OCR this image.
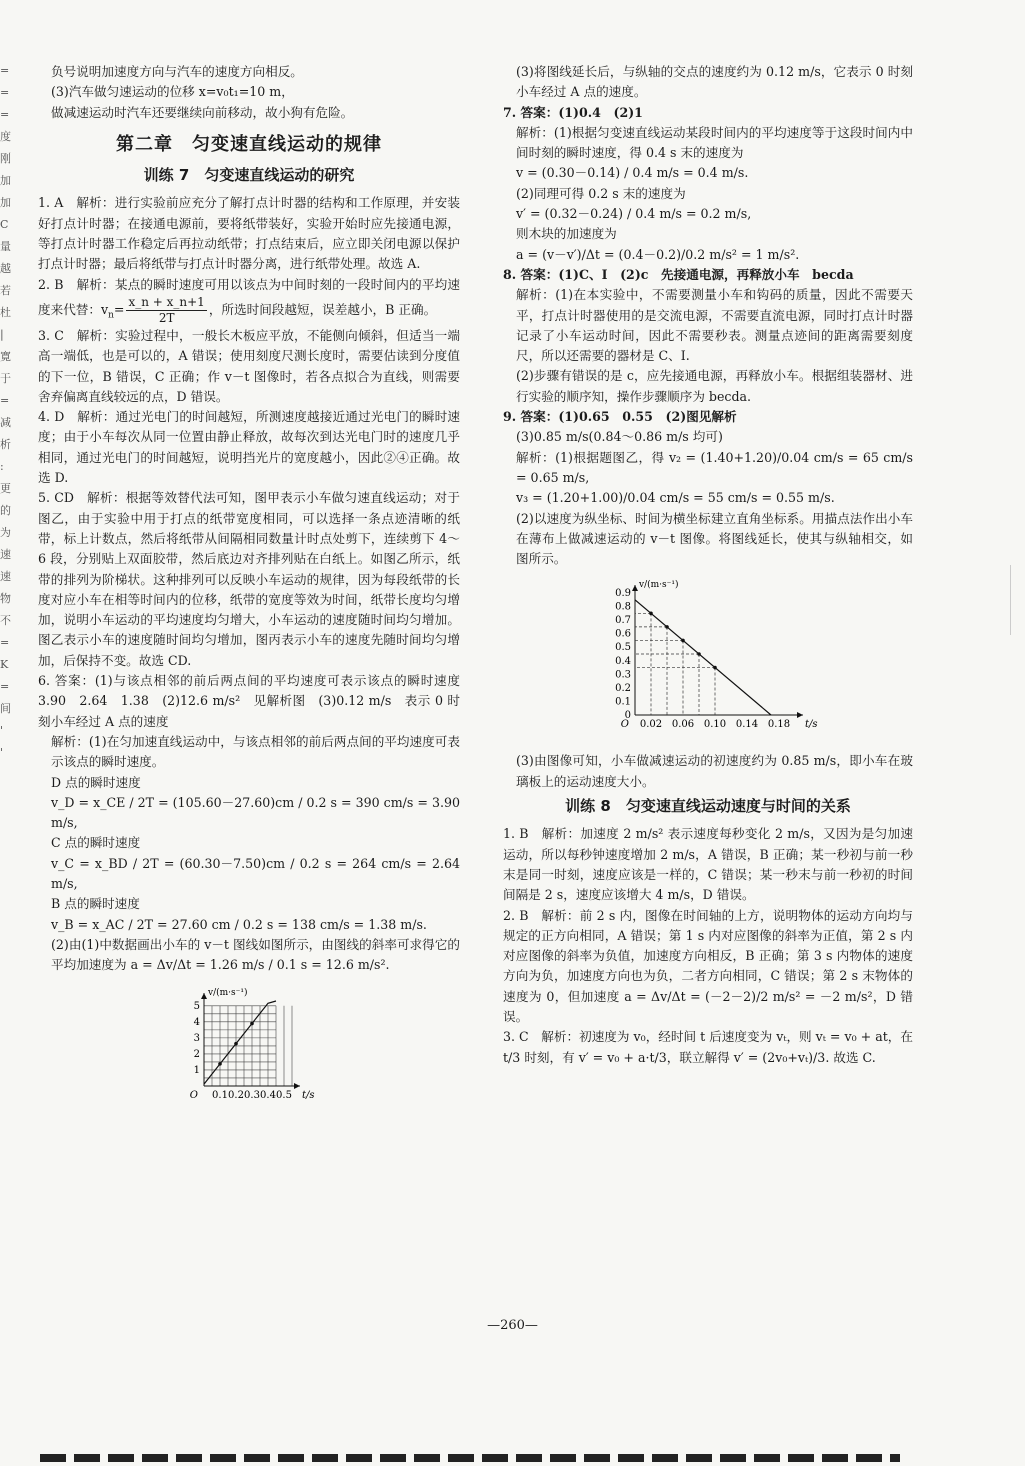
=
=
=
度
刚
加
加
C
量
越
若
杜
|
寛
于
=
减
析
:
更
的
为
速
速
物
不
=
K
=
间
'
'

负号说明加速度方向与汽车的速度方向相反。

(3)汽车做匀速运动的位移 x=v₀t₁=10 m，

做减速运动时汽车还要继续向前移动，故小狗有危险。

第二章　匀变速直线运动的规律
训练 7　匀变速直线运动的研究

1. A　解析：进行实验前应充分了解打点计时器的结构和工作原理，并安装好打点计时器；在接通电源前，要将纸带装好，实验开始时应先接通电源，等打点计时器工作稳定后再拉动纸带；打点结束后，应立即关闭电源以保护打点计时器；最后将纸带与打点计时器分离，进行纸带处理。故选 A.

2. B　解析：某点的瞬时速度可用以该点为中间时刻的一段时间内的平均速度来代替：$v_n= \frac{x\_n + x\_n+1}{2T}$ ，所选时间段越短，误差越小，B 正确。

3. C　解析：实验过程中，一般长木板应平放，不能侧向倾斜，但适当一端高一端低，也是可以的，A 错误；使用刻度尺测长度时，需要估读到分度值的下一位，B 错误，C 正确；作 v－t 图像时，若各点拟合为直线，则需要舍弃偏离直线较远的点，D 错误。

4. D　解析：通过光电门的时间越短，所测速度越接近通过光电门的瞬时速度；由于小车每次从同一位置由静止释放，故每次到达光电门时的速度几乎相同，通过光电门的时间越短，说明挡光片的宽度越小，因此②④正确。故选 D.

5. CD　解析：根据等效替代法可知，图甲表示小车做匀速直线运动；对于图乙，由于实验中用于打点的纸带宽度相同，可以选择一条点迹清晰的纸带，标上计数点，然后将纸带从间隔相同数量计时点处剪下，连续剪下 4～6 段，分别贴上双面胶带，然后底边对齐排列贴在白纸上。如图乙所示，纸带的排列为阶梯状。这种排列可以反映小车运动的规律，因为每段纸带的长度对应小车在相等时间内的位移，纸带的宽度等效为时间，纸带长度均匀增加，说明小车运动的平均速度均匀增大，小车运动的速度随时间均匀增加。图乙表示小车的速度随时间均匀增加，图丙表示小车的速度先随时间均匀增加，后保持不变。故选 CD.

6. 答案：(1)与该点相邻的前后两点间的平均速度可表示该点的瞬时速度　3.90　2.64　1.38　(2)12.6 m/s²　见解析图　(3)0.12 m/s　表示 0 时刻小车经过 A 点的速度

解析：(1)在匀加速直线运动中，与该点相邻的前后两点间的平均速度可表示该点的瞬时速度。

D 点的瞬时速度

v_D = x_CE / 2T = (105.60－27.60)cm / 0.2 s = 390 cm/s = 3.90 m/s,

C 点的瞬时速度

v_C = x_BD / 2T = (60.30－7.50)cm / 0.2 s = 264 cm/s = 2.64 m/s,

B 点的瞬时速度

v_B = x_AC / 2T = 27.60 cm / 0.2 s = 138 cm/s = 1.38 m/s.

(2)由(1)中数据画出小车的 v－t 图线如图所示，由图线的斜率可求得它的平均加速度为 a = Δv/Δt = 1.26 m/s / 0.1 s = 12.6 m/s².

0.1 0.2 0.3 0.4 0.5
1
2
3
4
5
O	t/s
v/(m·s⁻¹)

(3)将图线延长后，与纵轴的交点的速度约为 0.12 m/s，它表示 0 时刻小车经过 A 点的速度。

7. 答案：(1)0.4　(2)1

解析：(1)根据匀变速直线运动某段时间内的平均速度等于这段时间内中间时刻的瞬时速度，得 0.4 s 末的速度为

v = (0.30－0.14) / 0.4 m/s = 0.4 m/s.

(2)同理可得 0.2 s 末的速度为

v′ = (0.32－0.24) / 0.4 m/s = 0.2 m/s,

则木块的加速度为

a = (v－v′)/Δt = (0.4－0.2)/0.2 m/s² = 1 m/s².

8. 答案：(1)C、I　(2)c　先接通电源，再释放小车　becda

解析：(1)在本实验中，不需要测量小车和钩码的质量，因此不需要天平，打点计时器使用的是交流电源，不需要直流电源，同时打点计时器记录了小车运动时间，因此不需要秒表。测量点迹间的距离需要刻度尺，所以还需要的器材是 C、I.

(2)步骤有错误的是 c，应先接通电源，再释放小车。根据组装器材、进行实验的顺序知，操作步骤顺序为 becda.

9. 答案：(1)0.65　0.55　(2)图见解析

(3)0.85 m/s(0.84～0.86 m/s 均可)

解析：(1)根据题图乙，得 v₂ = (1.40+1.20)/0.04 cm/s = 65 cm/s = 0.65 m/s,

v₃ = (1.20+1.00)/0.04 cm/s = 55 cm/s = 0.55 m/s.

(2)以速度为纵坐标、时间为横坐标建立直角坐标系。用描点法作出小车在薄布上做减速运动的 v－t 图像。将图线延长，使其与纵轴相交，如图所示。

0.02 0.06 0.10 0.14 0.18
0
0.1
0.2
0.3
0.4
0.5
0.6
0.7
0.8
0.9
O	t/s
v/(m·s⁻¹)

(3)由图像可知，小车做减速运动的初速度约为 0.85 m/s，即小车在玻璃板上的运动速度大小。

训练 8　匀变速直线运动速度与时间的关系

1. B　解析：加速度 2 m/s² 表示速度每秒变化 2 m/s，又因为是匀加速运动，所以每秒钟速度增加 2 m/s，A 错误，B 正确；某一秒初与前一秒末是同一时刻，速度应该是一样的，C 错误；某一秒末与前一秒初的时间间隔是 2 s，速度应该增大 4 m/s，D 错误。

2. B　解析：前 2 s 内，图像在时间轴的上方，说明物体的运动方向均与规定的正方向相同，A 错误；第 1 s 内对应图像的斜率为正值，第 2 s 内对应图像的斜率为负值，加速度方向相反，B 正确；第 3 s 内物体的速度方向为负，加速度方向也为负，二者方向相同，C 错误；第 2 s 末物体的速度为 0，但加速度 a = Δv/Δt = (－2－2)/2 m/s² = －2 m/s²，D 错误。

3. C　解析：初速度为 v₀，经时间 t 后速度变为 vₜ，则 vₜ = v₀ + at，在 t/3 时刻，有 v′ = v₀ + a·t/3，联立解得 v′ = (2v₀+vₜ)/3. 故选 C.

—260—
